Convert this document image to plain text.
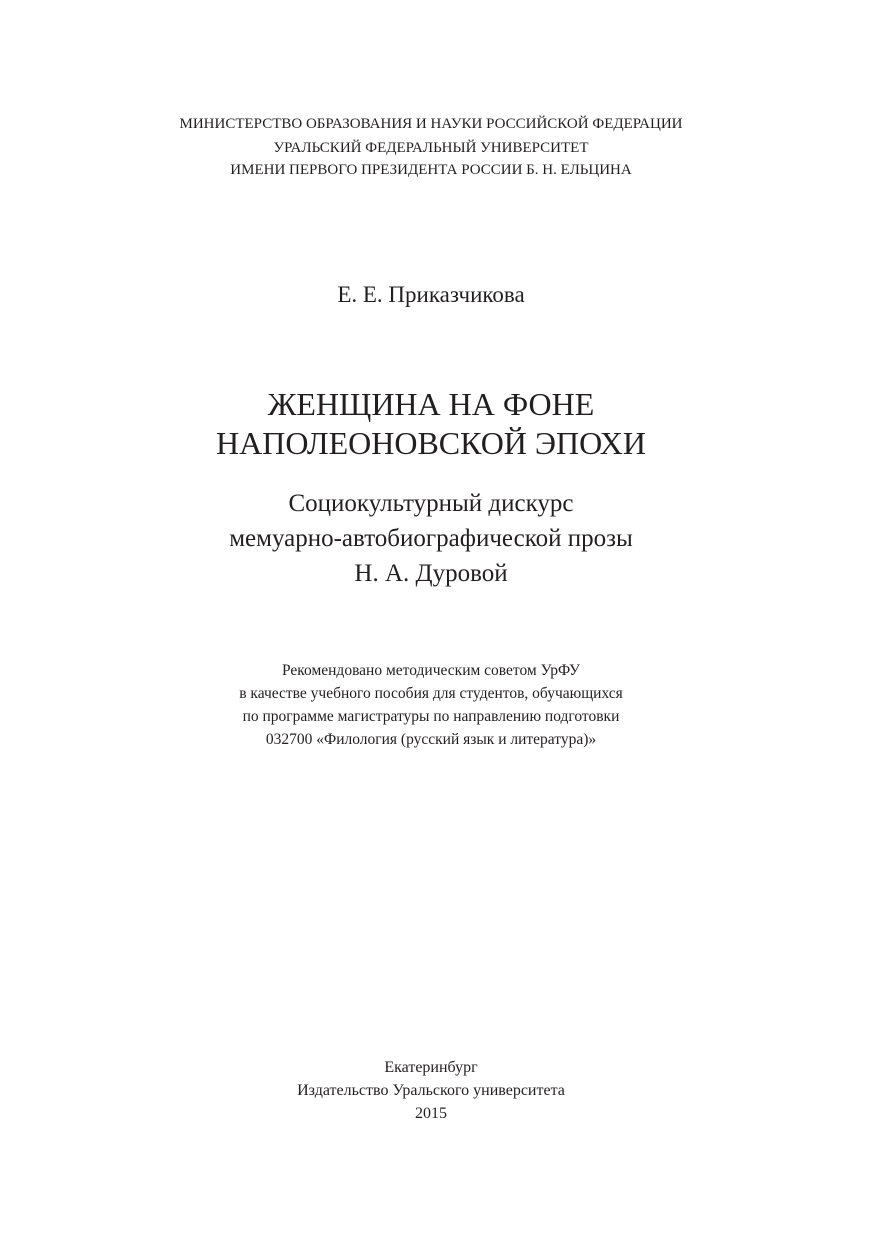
МИНИСТЕРСТВО ОБРАЗОВАНИЯ И НАУКИ РОССИЙСКОЙ ФЕДЕРАЦИИ
УРАЛЬСКИЙ ФЕДЕРАЛЬНЫЙ УНИВЕРСИТЕТ
ИМЕНИ ПЕРВОГО ПРЕЗИДЕНТА РОССИИ Б. Н. ЕЛЬЦИНА
Е. Е. Приказчикова
ЖЕНЩИНА НА ФОНЕ
НАПОЛЕОНОВСКОЙ ЭПОХИ
Социокультурный дискурс
мемуарно-автобиографической прозы
Н. А. Дуровой
Рекомендовано методическим советом УрФУ
в качестве учебного пособия для студентов, обучающихся
по программе магистратуры по направлению подготовки
032700 «Филология (русский язык и литература)»
Екатеринбург
Издательство Уральского университета
2015
